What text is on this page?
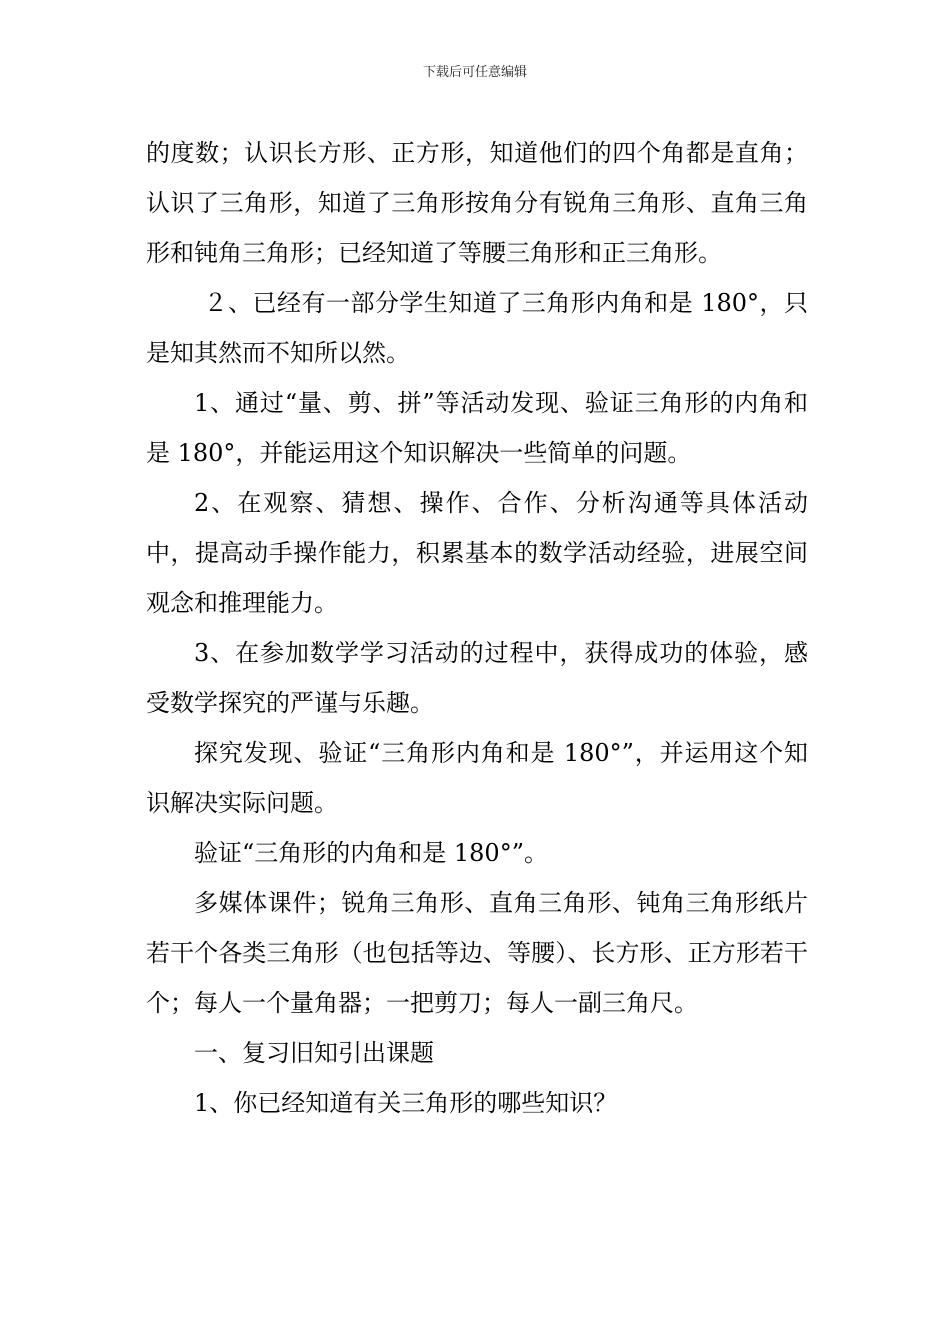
下载后可任意编辑

的度数；认识长方形、正方形，知道他们的四个角都是直角；认识了三角形，知道了三角形按角分有锐角三角形、直角三角形和钝角三角形；已经知道了等腰三角形和正三角形。

２、已经有一部分学生知道了三角形内角和是 180°，只是知其然而不知所以然。

1、通过“量、剪、拼”等活动发现、验证三角形的内角和是 180°，并能运用这个知识解决一些简单的问题。

2、在观察、猜想、操作、合作、分析沟通等具体活动中，提高动手操作能力，积累基本的数学活动经验，进展空间观念和推理能力。

3、在参加数学学习活动的过程中，获得成功的体验，感受数学探究的严谨与乐趣。

探究发现、验证“三角形内角和是 180°”，并运用这个知识解决实际问题。

验证“三角形的内角和是 180°”。

多媒体课件；锐角三角形、直角三角形、钝角三角形纸片若干个各类三角形（也包括等边、等腰）、长方形、正方形若干个；每人一个量角器；一把剪刀；每人一副三角尺。

一、复习旧知引出课题

1、你已经知道有关三角形的哪些知识？
